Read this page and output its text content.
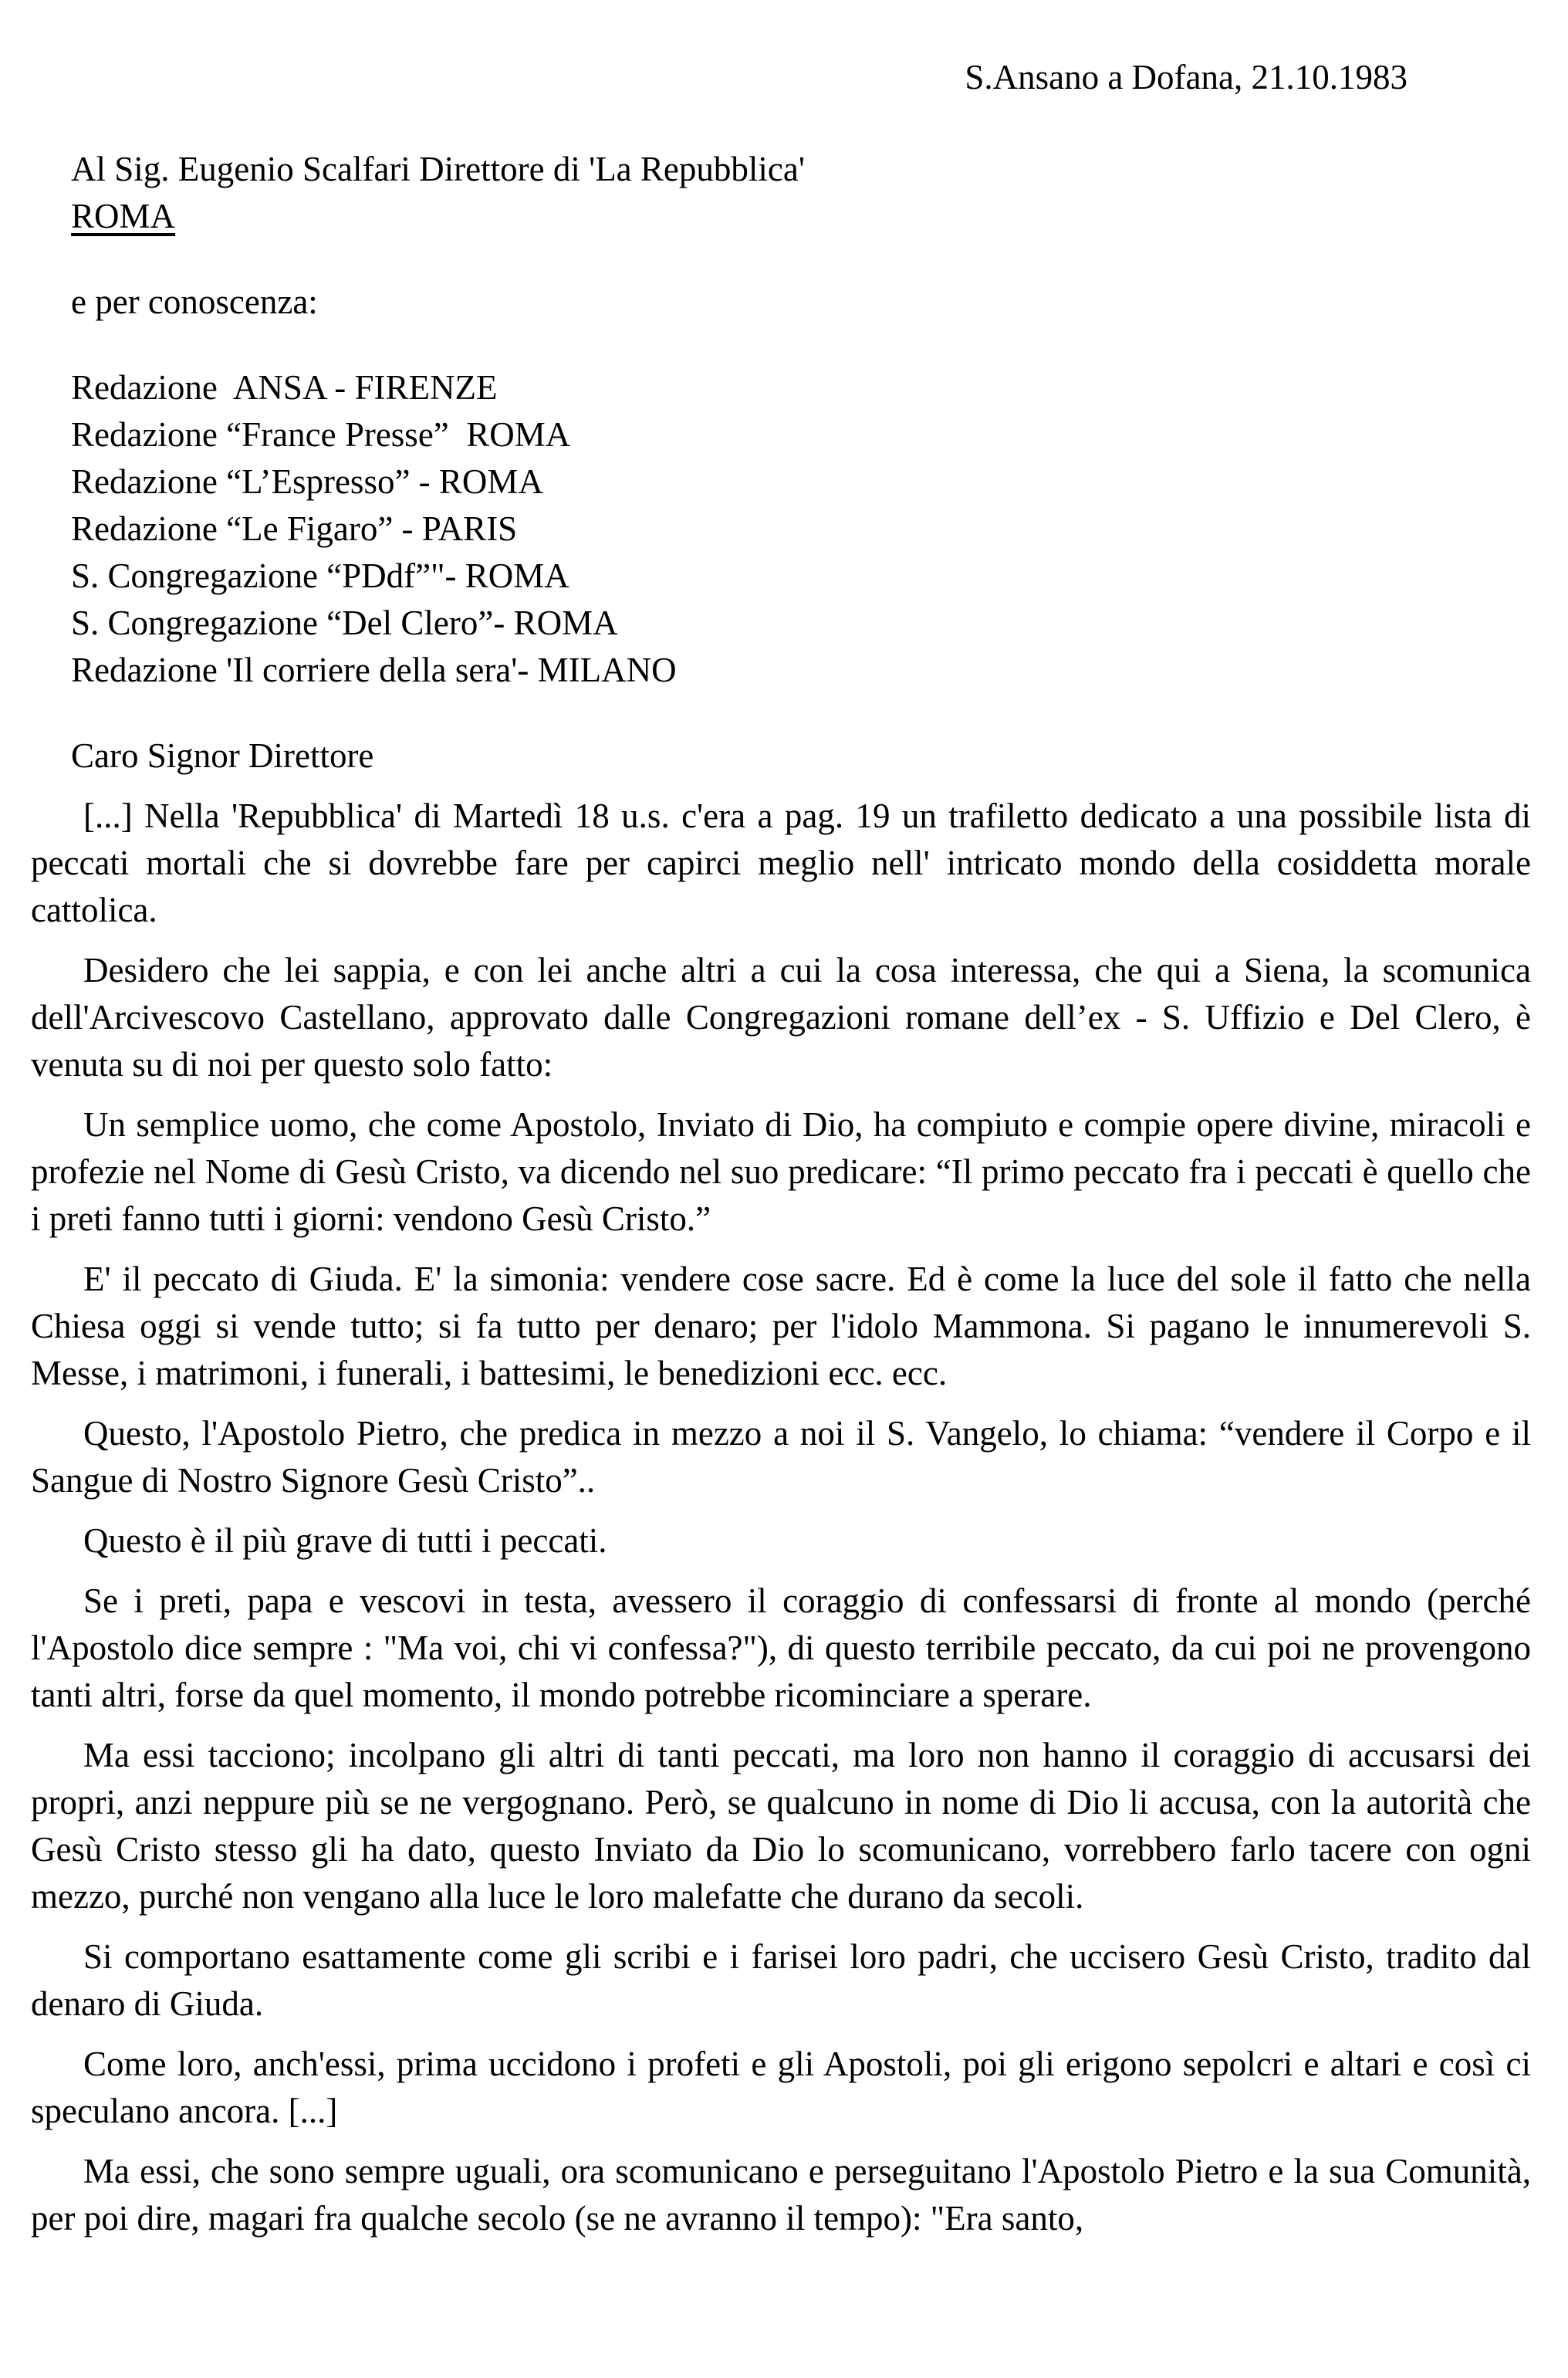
S.Ansano a Dofana, 21.10.1983
Al Sig. Eugenio Scalfari Direttore di 'La Repubblica'
ROMA
e per conoscenza:
Redazione  ANSA - FIRENZE
Redazione “France Presse”  ROMA
Redazione “L’Espresso” - ROMA
Redazione “Le Figaro” - PARIS
S. Congregazione “PDdf”"- ROMA
S. Congregazione “Del Clero”- ROMA
Redazione 'Il corriere della sera'- MILANO
Caro Signor Direttore

[...] Nella 'Repubblica' di Martedì 18 u.s. c'era a pag. 19 un trafiletto dedicato a una possibile lista di peccati mortali che si dovrebbe fare per capirci meglio nell' intricato mondo della cosiddetta morale cattolica.

Desidero che lei sappia, e con lei anche altri a cui la cosa interessa, che qui a Siena, la scomunica dell'Arcivescovo Castellano, approvato dalle Congregazioni romane dell’ex - S. Uffizio e Del Clero, è venuta su di noi per questo solo fatto:

Un semplice uomo, che come Apostolo, Inviato di Dio, ha compiuto e compie opere divine, miracoli e profezie nel Nome di Gesù Cristo, va dicendo nel suo predicare: “Il primo peccato fra i peccati è quello che i preti fanno tutti i giorni: vendono Gesù Cristo.”

E' il peccato di Giuda. E' la simonia: vendere cose sacre. Ed è come la luce del sole il fatto che nella Chiesa oggi si vende tutto; si fa tutto per denaro; per l'idolo Mammona. Si pagano le innumerevoli S. Messe, i matrimoni, i funerali, i battesimi, le benedizioni ecc. ecc.

Questo, l'Apostolo Pietro, che predica in mezzo a noi il S. Vangelo, lo chiama: “vendere il Corpo e il Sangue di Nostro Signore Gesù Cristo”..

Questo è il più grave di tutti i peccati.

Se i preti, papa e vescovi in testa, avessero il coraggio di confessarsi di fronte al mondo (perché l'Apostolo dice sempre : "Ma voi, chi vi confessa?"), di questo terribile peccato, da cui poi ne provengono tanti altri, forse da quel momento, il mondo potrebbe ricominciare a sperare.

Ma essi tacciono; incolpano gli altri di tanti peccati, ma loro non hanno il coraggio di accusarsi dei propri, anzi neppure più se ne vergognano. Però, se qualcuno in nome di Dio li accusa, con la autorità che Gesù Cristo stesso gli ha dato, questo Inviato da Dio lo scomunicano, vorrebbero farlo tacere con ogni mezzo, purché non vengano alla luce le loro malefatte che durano da secoli.

Si comportano esattamente come gli scribi e i farisei loro padri, che uccisero Gesù Cristo, tradito dal denaro di Giuda.

Come loro, anch'essi, prima uccidono i profeti e gli Apostoli, poi gli erigono sepolcri e altari e così ci speculano ancora. [...]

Ma essi, che sono sempre uguali, ora scomunicano e perseguitano l'Apostolo Pietro e la sua Comunità, per poi dire, magari fra qualche secolo (se ne avranno il tempo): "Era santo,
